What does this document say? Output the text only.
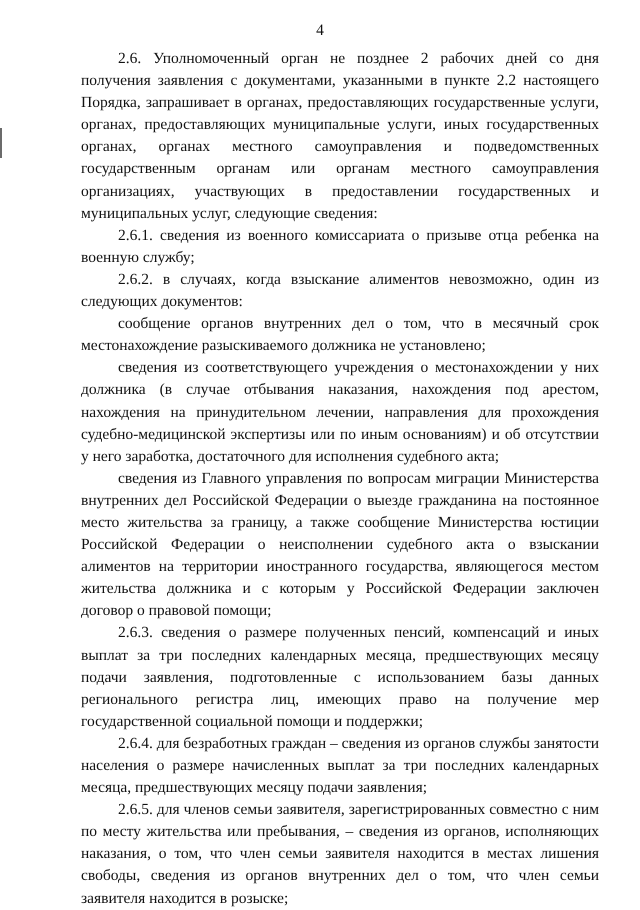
4

2.6. Уполномоченный орган не позднее 2 рабочих дней со дня получения заявления с документами, указанными в пункте 2.2 настоящего Порядка, запрашивает в органах, предоставляющих государственные услуги, органах, предоставляющих муниципальные услуги, иных государственных органах, органах местного самоуправления и подведомственных государственным органам или органам местного самоуправления организациях, участвующих в предоставлении государственных и муниципальных услуг, следующие сведения:

2.6.1. сведения из военного комиссариата о призыве отца ребенка на военную службу;

2.6.2. в случаях, когда взыскание алиментов невозможно, один из следующих документов:

сообщение органов внутренних дел о том, что в месячный срок местонахождение разыскиваемого должника не установлено;

сведения из соответствующего учреждения о местонахождении у них должника (в случае отбывания наказания, нахождения под арестом, нахождения на принудительном лечении, направления для прохождения судебно-медицинской экспертизы или по иным основаниям) и об отсутствии у него заработка, достаточного для исполнения судебного акта;

сведения из Главного управления по вопросам миграции Министерства внутренних дел Российской Федерации о выезде гражданина на постоянное место жительства за границу, а также сообщение Министерства юстиции Российской Федерации о неисполнении судебного акта о взыскании алиментов на территории иностранного государства, являющегося местом жительства должника и с которым у Российской Федерации заключен договор о правовой помощи;

2.6.3. сведения о размере полученных пенсий, компенсаций и иных выплат за три последних календарных месяца, предшествующих месяцу подачи заявления, подготовленные с использованием базы данных регионального регистра лиц, имеющих право на получение мер государственной социальной помощи и поддержки;

2.6.4. для безработных граждан – сведения из органов службы занятости населения о размере начисленных выплат за три последних календарных месяца, предшествующих месяцу подачи заявления;

2.6.5. для членов семьи заявителя, зарегистрированных совместно с ним по месту жительства или пребывания, – сведения из органов, исполняющих наказания, о том, что член семьи заявителя находится в местах лишения свободы, сведения из органов внутренних дел о том, что член семьи заявителя находится в розыске;
